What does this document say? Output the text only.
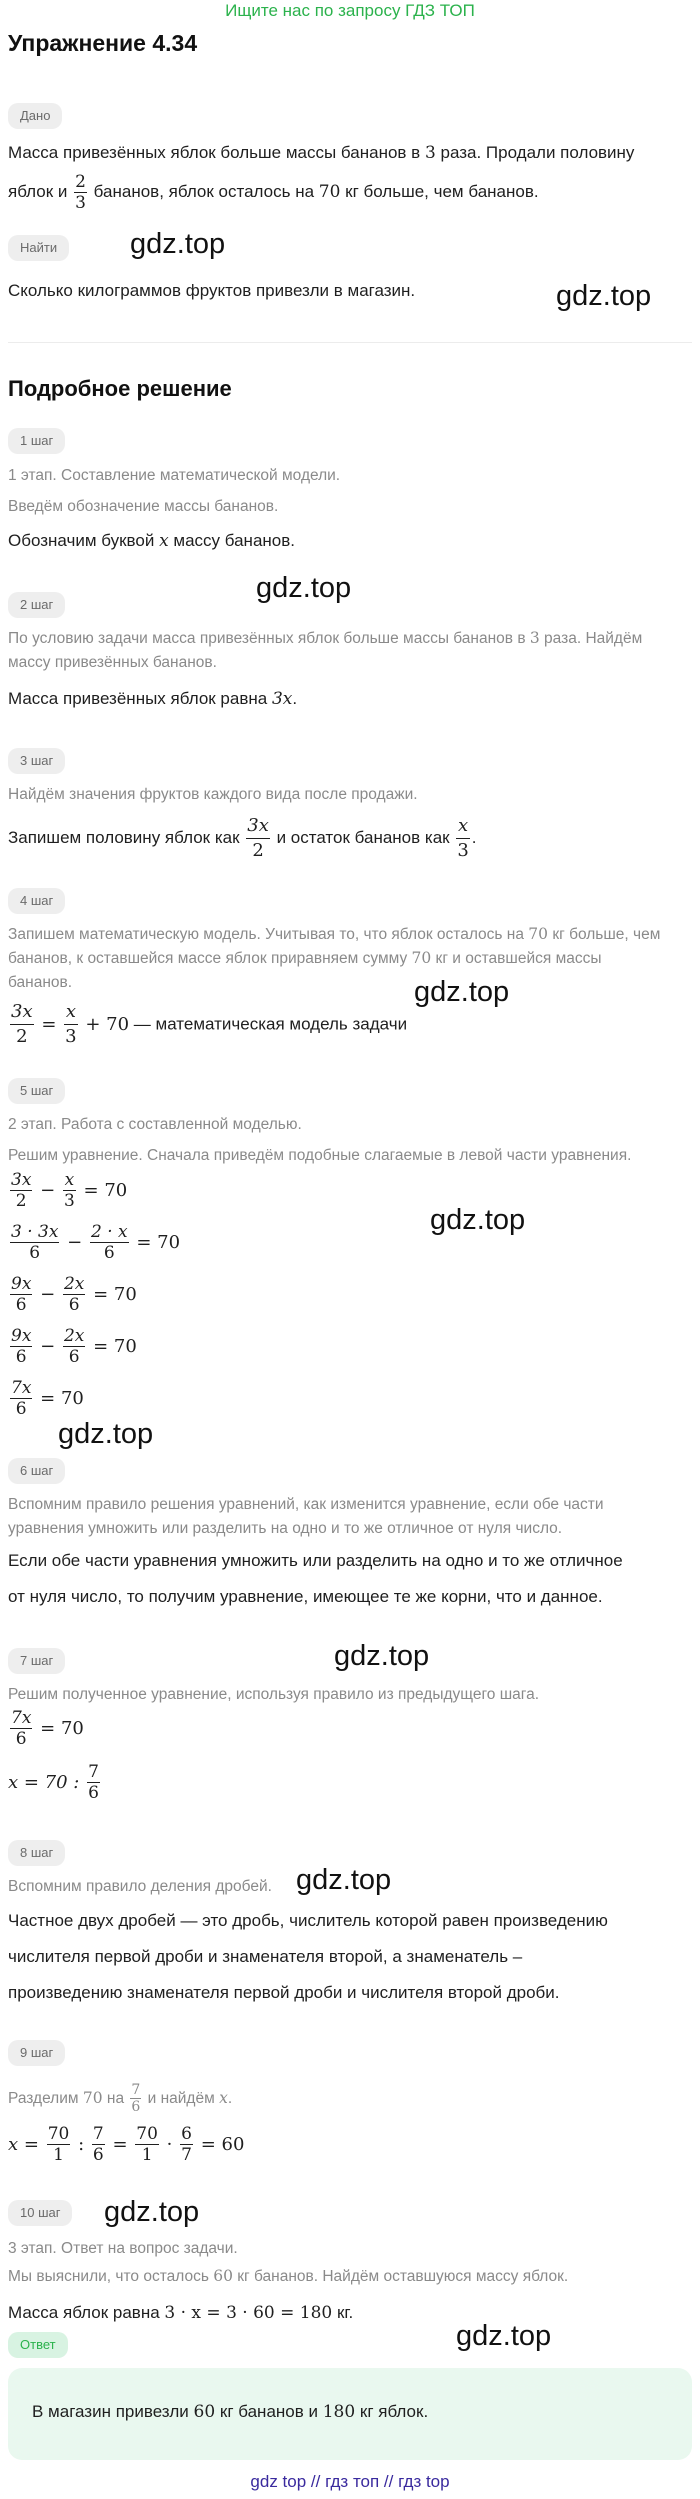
Ищите нас по запросу ГДЗ ТОП
Упражнение 4.34
Дано
Масса привезённых яблок больше массы бананов в 3 раза. Продали половину
яблок и $\frac{2}{3}$ бананов, яблок осталось на 70 кг больше, чем бананов.
Найти	gdz.top
Сколько килограммов фруктов привезли в магазин.	gdz.top
Подробное решение
1 шаг
1 этап. Составление математической модели.
Введём обозначение массы бананов.
Обозначим буквой x массу бананов.
gdz.top
2 шаг
По условию задачи масса привезённых яблок больше массы бананов в 3 раза. Найдём
массу привезённых бананов.
Масса привезённых яблок равна 3x.
3 шаг
Найдём значения фруктов каждого вида после продажи.
Запишем половину яблок как $\frac{3x}{2}$ и остаток бананов как $\frac{x}{3}$ .
4 шаг
Запишем математическую модель. Учитывая то, что яблок осталось на 70 кг больше, чем
бананов, к оставшейся массе яблок приравняем сумму 70 кг и оставшейся массы
бананов.	gdz.top
$\frac{3x}{2} = \frac{x}{3} + 70$ — математическая модель задачи
5 шаг
2 этап. Работа с составленной моделью.
Решим уравнение. Сначала приведём подобные слагаемые в левой части уравнения.
$\frac{3x}{2} - \frac{x}{3} = 70$
$\frac{3 \cdot 3x}{6} - \frac{2 \cdot x}{6} = 70$
gdz.top
$\frac{9x}{6} - \frac{2x}{6} = 70$
$\frac{9x}{6} - \frac{2x}{6} = 70$
$\frac{7x}{6} = 70$
gdz.top
6 шаг
Вспомним правило решения уравнений, как изменится уравнение, если обе части
уравнения умножить или разделить на одно и то же отличное от нуля число.
Если обе части уравнения умножить или разделить на одно и то же отличное
от нуля число, то получим уравнение, имеющее те же корни, что и данное.
gdz.top
7 шаг
Решим полученное уравнение, используя правило из предыдущего шага.
$\frac{7x}{6} = 70$
x = 70 : $\frac{7}{6}$
8 шаг
Вспомним правило деления дробей. gdz.top
Частное двух дробей — это дробь, числитель которой равен произведению
числителя первой дроби и знаменателя второй, а знаменатель –
произведению знаменателя первой дроби и числителя второй дроби.
9 шаг
Разделим 70 на $\frac{7}{6}$ и найдём x.
$x = \frac{70}{1}$ : $\frac{7}{6} = \frac{70}{1} \cdot \frac{6}{7} = 60$
10 шаг	gdz.top
3 этап. Ответ на вопрос задачи.
Мы выяснили, что осталось 60 кг бананов. Найдём оставшуюся массу яблок.
Масса яблок равна 3 · x = 3 · 60 = 180 кг.
Ответ	gdz.top
В магазин привезли 60 кг бананов и 180 кг яблок.
gdz top // гдз топ // гдз top
